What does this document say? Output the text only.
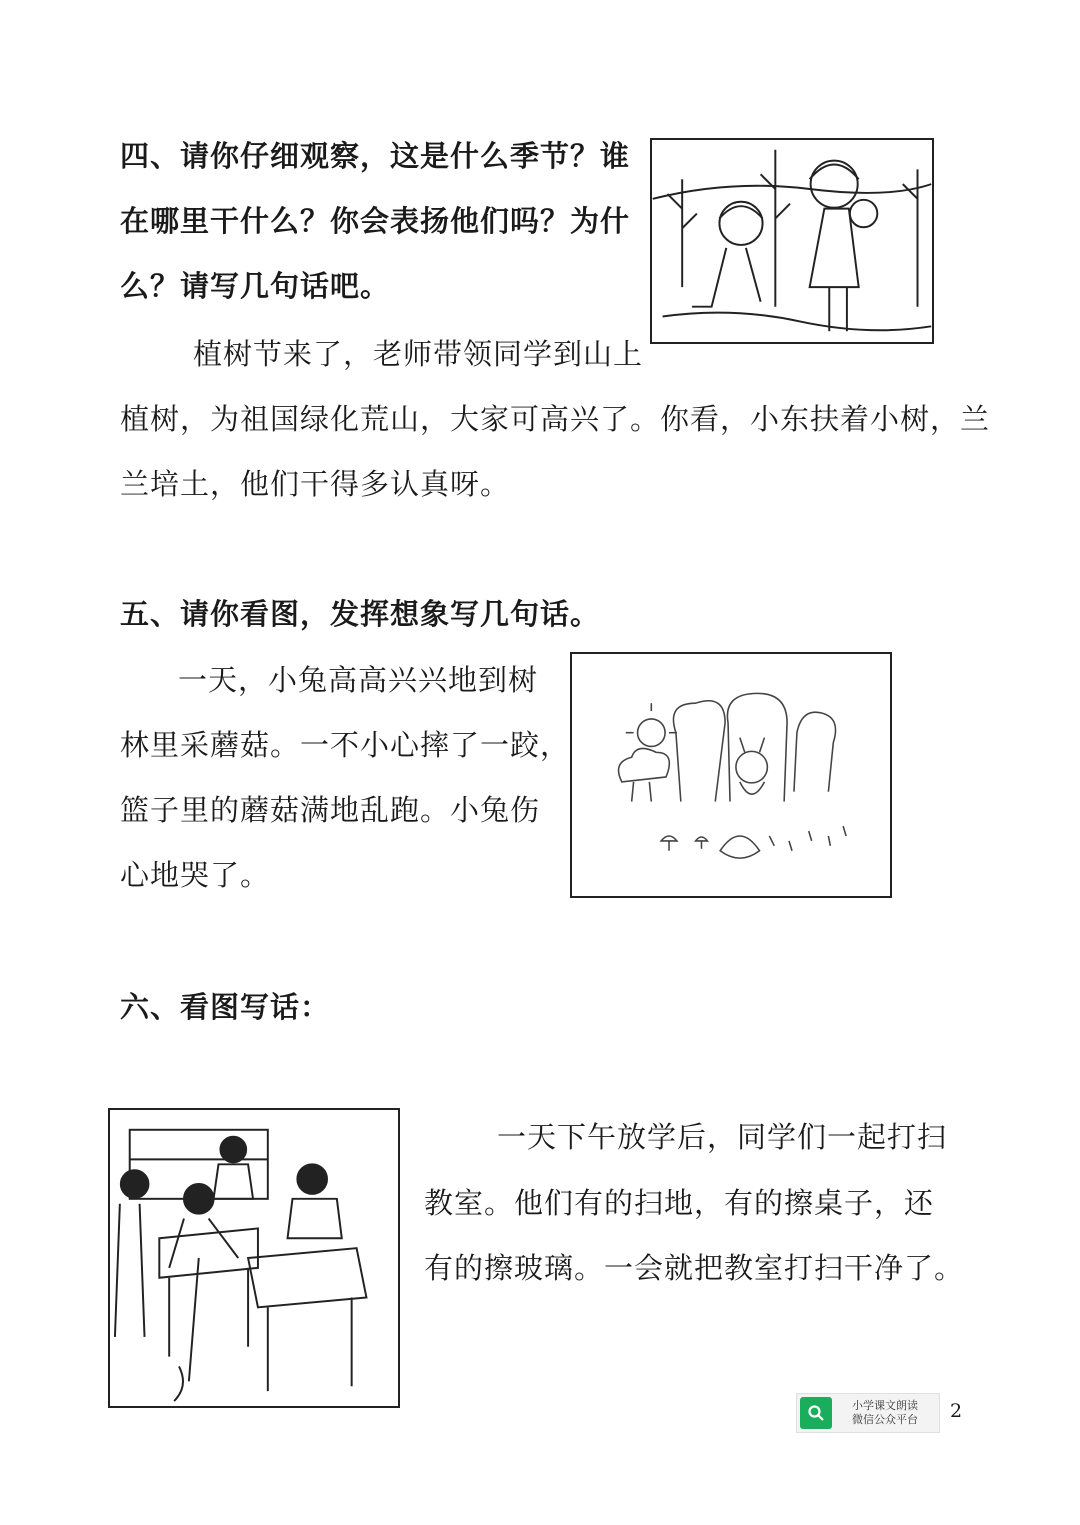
四、请你仔细观察，这是什么季节？谁
在哪里干什么？你会表扬他们吗？为什
么？请写几句话吧。
植树节来了，老师带领同学到山上
植树，为祖国绿化荒山，大家可高兴了。你看，小东扶着小树，兰
兰培土，他们干得多认真呀。
五、请你看图，发挥想象写几句话。
一天，小兔高高兴兴地到树
林里采蘑菇。一不小心摔了一跤，
篮子里的蘑菇满地乱跑。小兔伤
心地哭了。
六、看图写话：
一天下午放学后，同学们一起打扫
教室。他们有的扫地，有的擦桌子，还
有的擦玻璃。一会就把教室打扫干净了。
小学课文朗读
微信公众平台 2
